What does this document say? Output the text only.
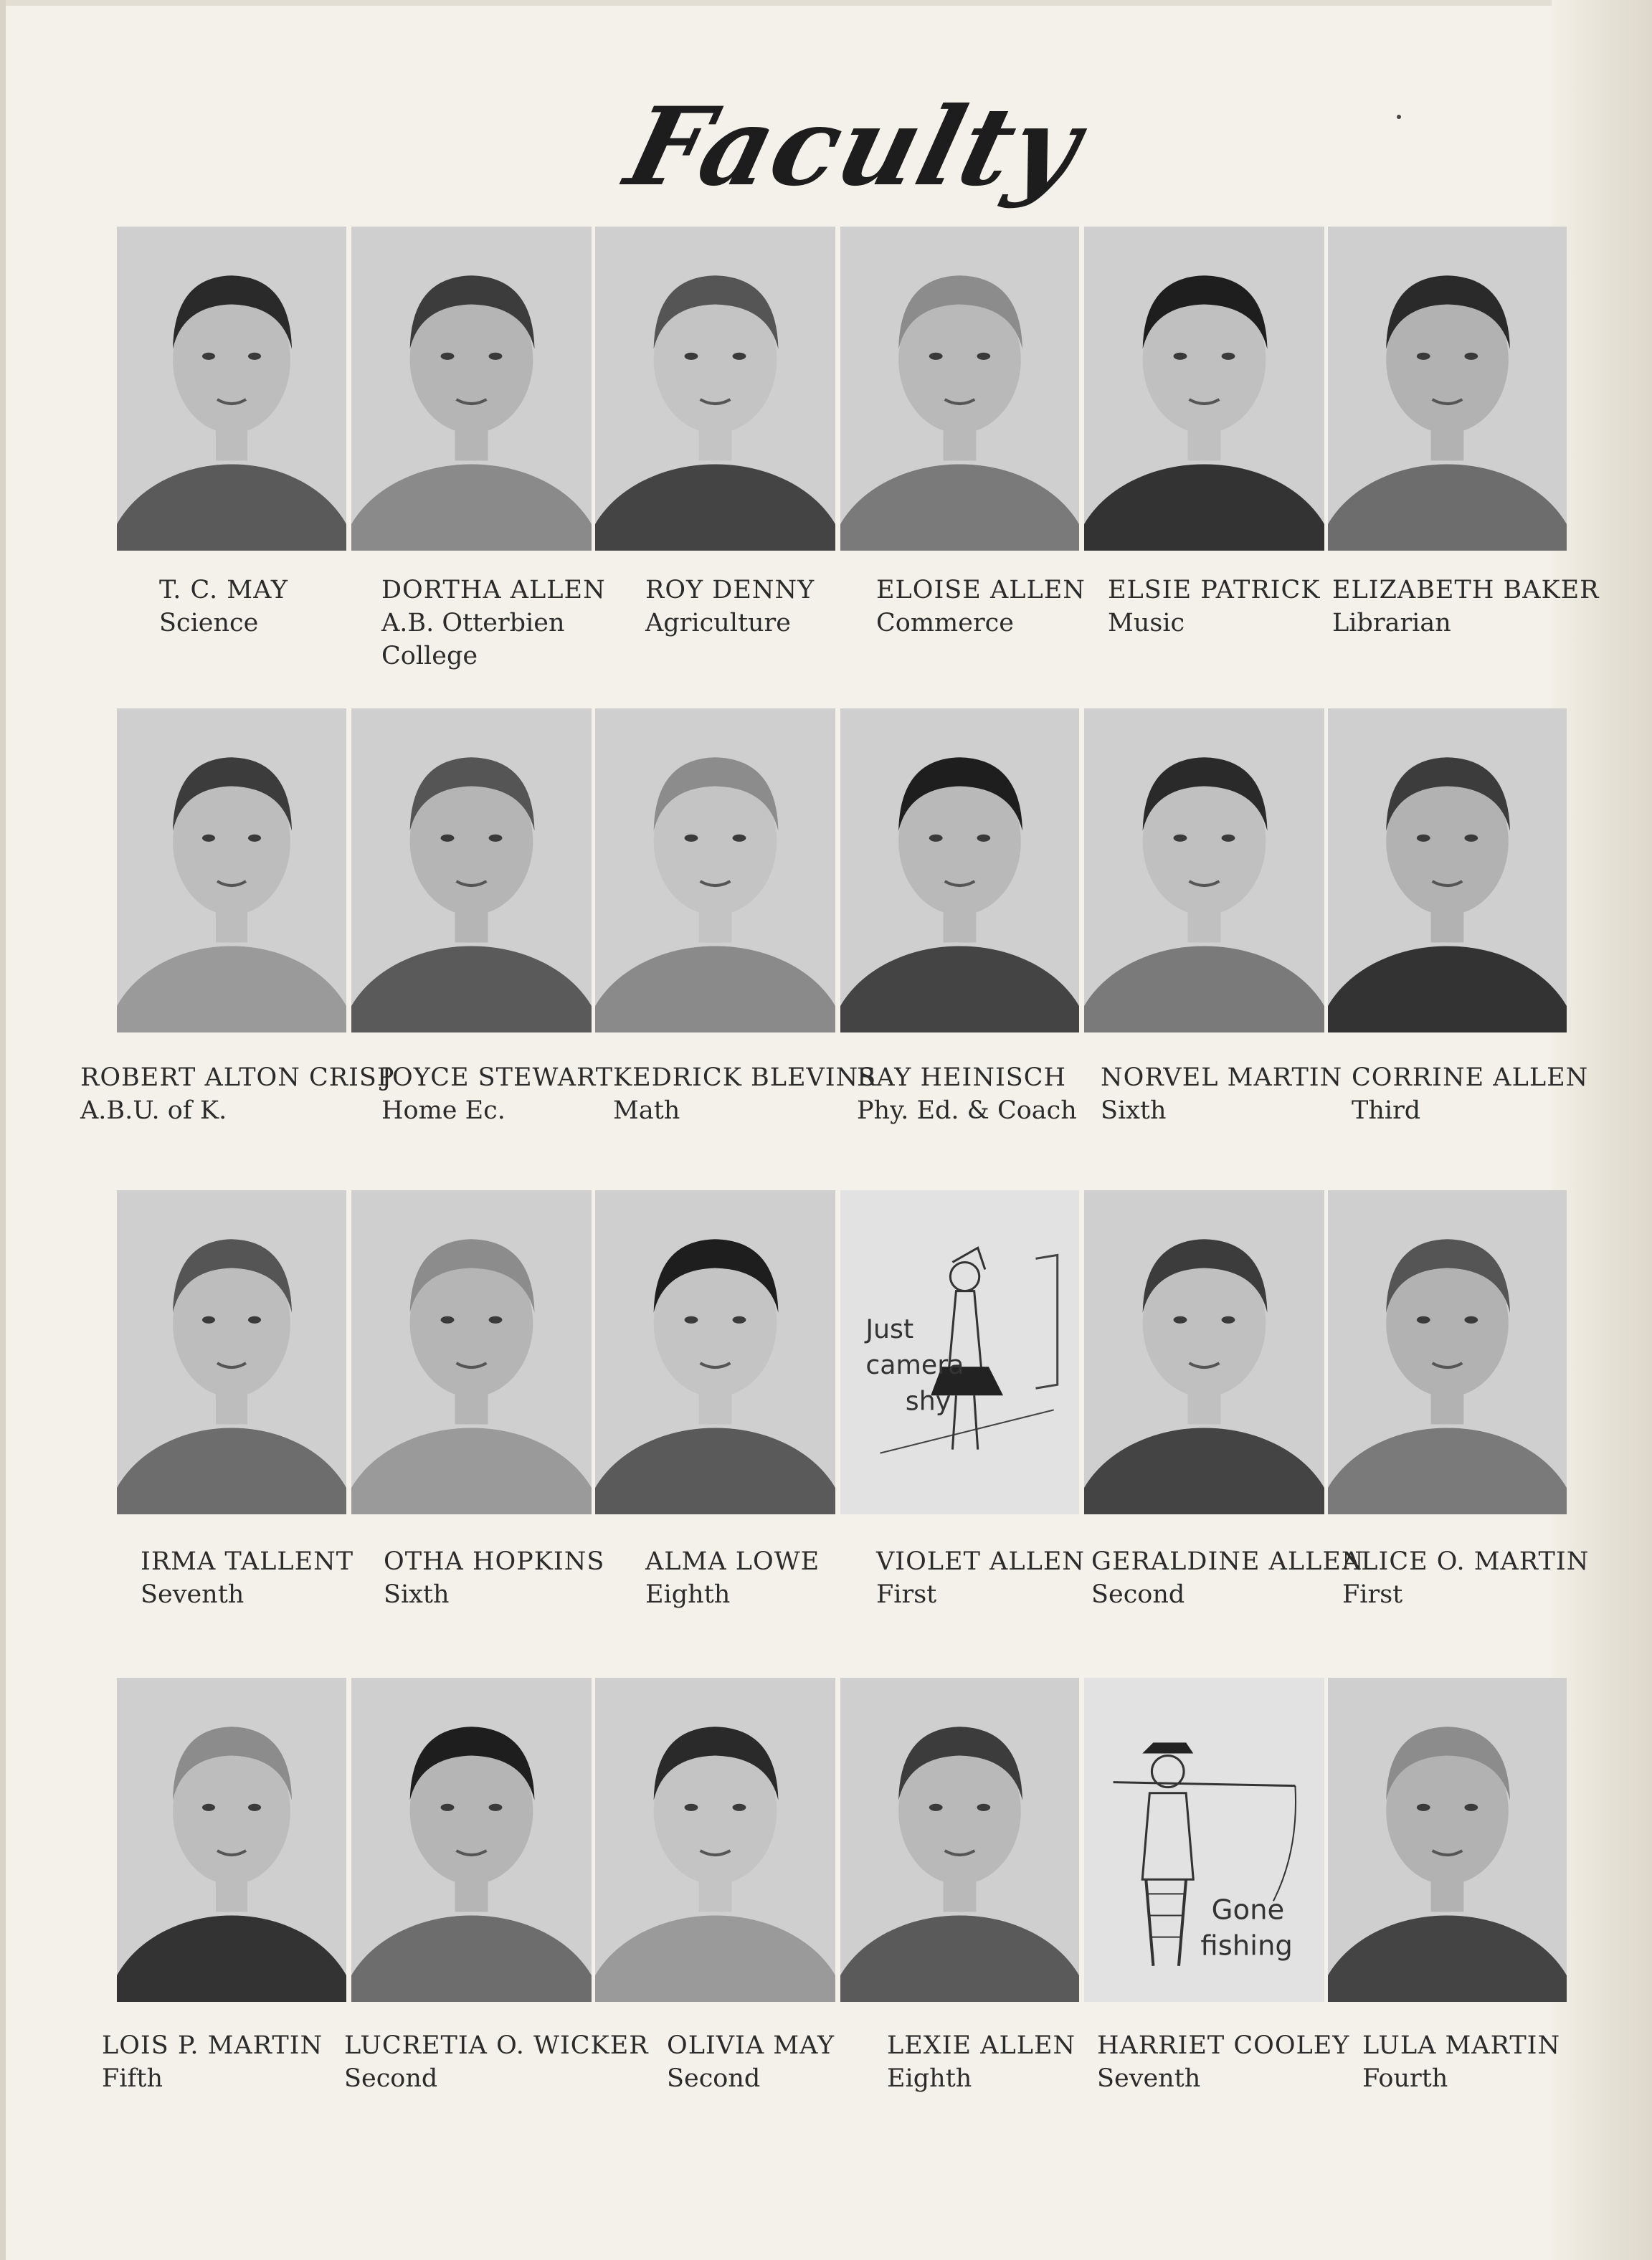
Faculty
T. C. MAY
Science
DORTHA ALLEN
A.B. Otterbien
College
ROY DENNY
Agriculture
ELOISE ALLEN
Commerce
ELSIE PATRICK
Music
ELIZABETH BAKER
Librarian
ROBERT ALTON CRISP
A.B.U. of K.
JOYCE STEWART
Home Ec.
KEDRICK BLEVINS
Math
RAY HEINISCH
Phy. Ed. & Coach
NORVEL MARTIN
Sixth
CORRINE ALLEN
Third
IRMA TALLENT
Seventh
OTHA HOPKINS
Sixth
ALMA LOWE
Eighth
Just
camera
shy
VIOLET ALLEN
First
GERALDINE ALLEN
Second
ALICE O. MARTIN
First
LOIS P. MARTIN
Fifth
LUCRETIA O. WICKER
Second
OLIVIA MAY
Second
LEXIE ALLEN
Eighth
Gone
fishing
HARRIET COOLEY
Seventh
LULA MARTIN
Fourth
